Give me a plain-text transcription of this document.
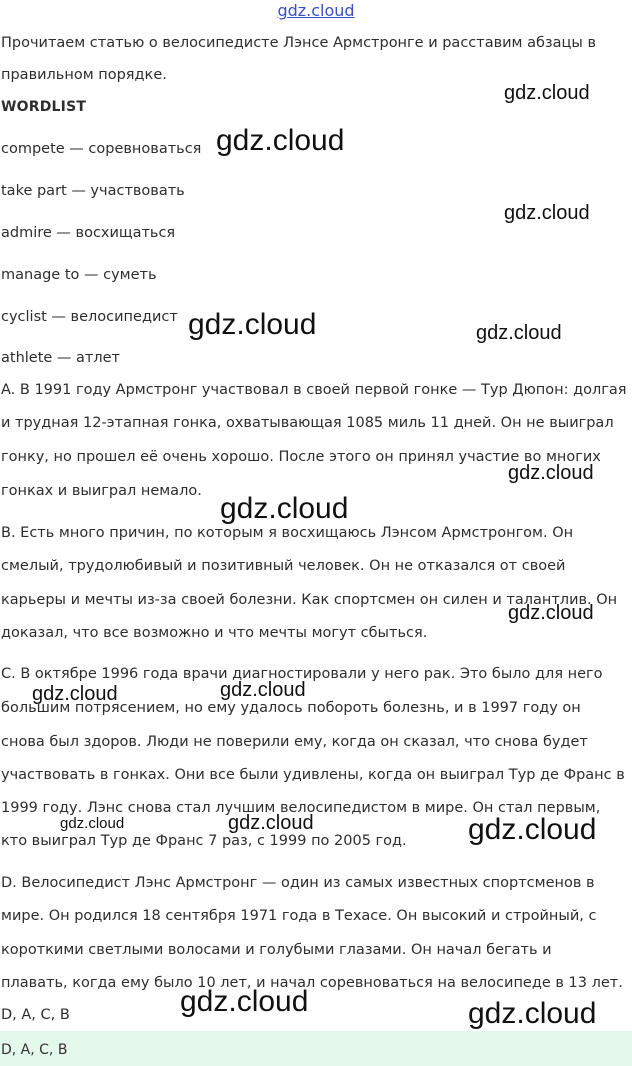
gdz.cloud
Прочитаем статью о велосипедисте Лэнсе Армстронге и расставим абзацы в
правильном порядке.
WORDLIST
compete — соревноваться
take part — участвовать
admire — восхищаться
manage to — суметь
cyclist — велосипедист
athlete — атлет
A. В 1991 году Армстронг участвовал в своей первой гонке — Тур Дюпон: долгая
и трудная 12-этапная гонка, охватывающая 1085 миль 11 дней. Он не выиграл
гонку, но прошел её очень хорошо. После этого он принял участие во многих
гонках и выиграл немало.
B. Есть много причин, по которым я восхищаюсь Лэнсом Армстронгом. Он
смелый, трудолюбивый и позитивный человек. Он не отказался от своей
карьеры и мечты из-за своей болезни. Как спортсмен он силен и талантлив. Он
доказал, что все возможно и что мечты могут сбыться.
C. В октябре 1996 года врачи диагностировали у него рак. Это было для него
большим потрясением, но ему удалось побороть болезнь, и в 1997 году он
снова был здоров. Люди не поверили ему, когда он сказал, что снова будет
участвовать в гонках. Они все были удивлены, когда он выиграл Тур де Франс в
1999 году. Лэнс снова стал лучшим велосипедистом в мире. Он стал первым,
кто выиграл Тур де Франс 7 раз, с 1999 по 2005 год.
D. Велосипедист Лэнс Армстронг — один из самых известных спортсменов в
мире. Он родился 18 сентября 1971 года в Техасе. Он высокий и стройный, с
короткими светлыми волосами и голубыми глазами. Он начал бегать и
плавать, когда ему было 10 лет, и начал соревноваться на велосипеде в 13 лет.
D, A, C, B
D, A, C, B
gdz.cloud
gdz.cloud
gdz.cloud
gdz.cloud	gdz.cloud
gdz.cloud
gdz.cloud
gdz.cloud
gdz.cloud	gdz.cloud
gdz.cloud	gdz.cloud	gdz.cloud
gdz.cloud	gdz.cloud
